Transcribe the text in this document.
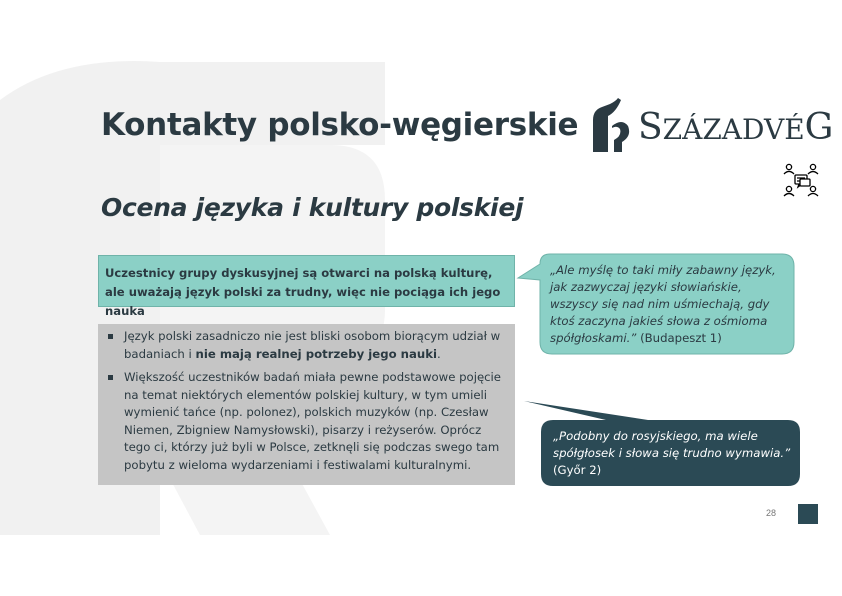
Kontakty polsko-węgierskie
Ocena języka i kultury polskiej
SZÁZADVÉG
Uczestnicy grupy dyskusyjnej są otwarci na polską kulturę, ale uważają język polski za trudny, więc nie pociąga ich jego nauka
Język polski zasadniczo nie jest bliski osobom biorącym udział w badaniach i nie mają realnej potrzeby jego nauki.
Większość uczestników badań miała pewne podstawowe pojęcie na temat niektórych elementów polskiej kultury, w tym umieli wymienić tańce (np. polonez), polskich muzyków (np. Czesław Niemen, Zbigniew Namysłowski), pisarzy i reżyserów. Oprócz tego ci, którzy już byli w Polsce, zetknęli się podczas swego tam pobytu z wieloma wydarzeniami i festiwalami kulturalnymi.
„Ale myślę to taki miły zabawny język, jak zazwyczaj języki słowiańskie, wszyscy się nad nim uśmiechają, gdy ktoś zaczyna jakieś słowa z ośmioma spółgłoskami.” (Budapeszt 1)
„Podobny do rosyjskiego, ma wiele spółgłosek i słowa się trudno wymawia.” (Győr 2)
28
